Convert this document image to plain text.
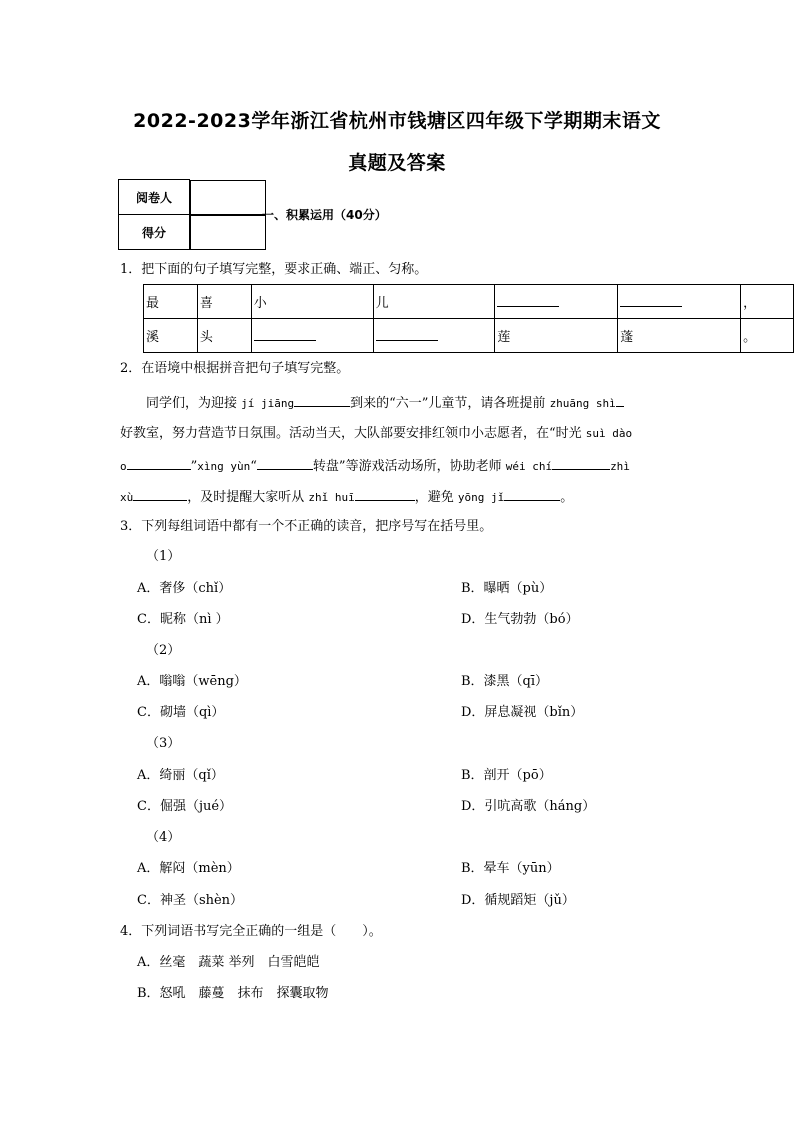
2022-2023学年浙江省杭州市钱塘区四年级下学期期末语文
真题及答案
阅卷人	
得分	
一、积累运用（40分）
1．把下面的句子填写完整，要求正确、端正、匀称。
最	喜	小	儿			，
溪	头			莲	蓬	。
2．在语境中根据拼音把句子填写完整。
同学们，为迎接 jí jiāng	到来的“六一”儿童节，请各班提前 zhuāng shì
好教室，努力营造节日氛围。活动当天，大队部要安排红领巾小志愿者，在“时光 suì dào
o	”xìng yùn“	转盘”等游戏活动场所，协助老师 wéi chí	zhì
xù	，及时提醒大家听从 zhǐ huī	，避免 yōng jǐ	。
3．下列每组词语中都有一个不正确的读音，把序号写在括号里。
（1）
A．奢侈（chǐ）	B．曝晒（pù）
C．昵称（nì ）	D．生气勃勃（bó）
（2）
A．嗡嗡（wēng）	B．漆黑（qī）
C．砌墙（qì）	D．屏息凝视（bǐn）
（3）
A．绮丽（qǐ）	B．剖开（pō）
C．倔强（jué）	D．引吭高歌（háng）
（4）
A．解闷（mèn）	B．晕车（yūn）
C．神圣（shèn）	D．循规蹈矩（jǔ）
4．下列词语书写完全正确的一组是（　　）。
A．丝毫　蔬菜 举列　白雪皑皑
B．怒吼　藤蔓　抹布　探囊取物
